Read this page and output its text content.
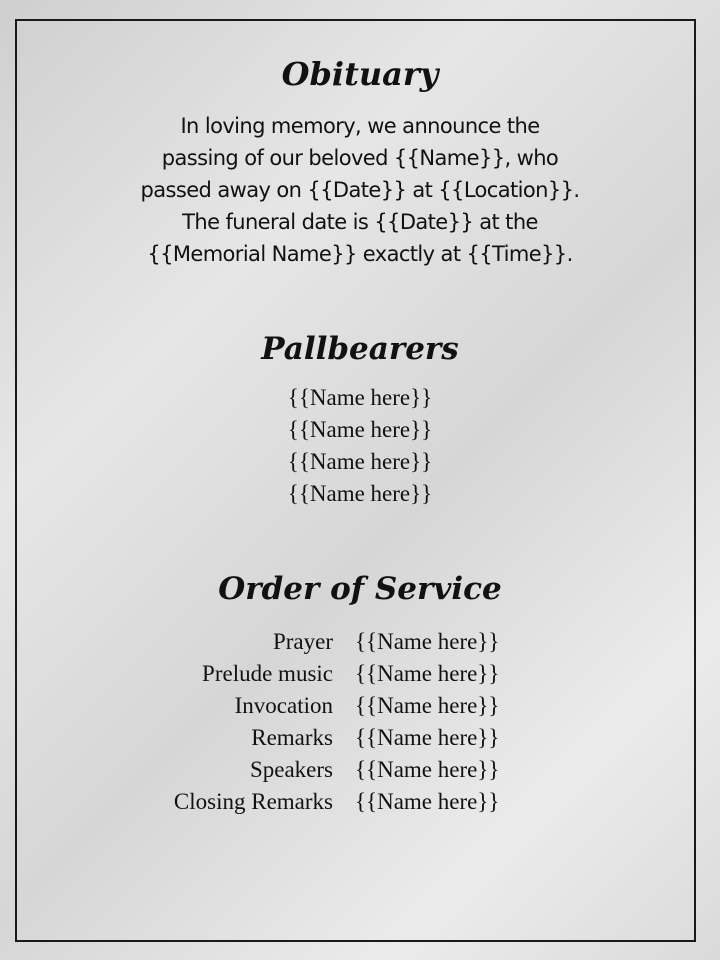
Obituary
In loving memory, we announce the
passing of our beloved {{Name}}, who
passed away on {{Date}} at {{Location}}.
The funeral date is {{Date}} at the
{{Memorial Name}} exactly at {{Time}}.
Pallbearers
{{Name here}}
{{Name here}}
{{Name here}}
{{Name here}}
Order of Service
Prayer {{Name here}}
Prelude music {{Name here}}
Invocation {{Name here}}
Remarks {{Name here}}
Speakers {{Name here}}
Closing Remarks {{Name here}}
